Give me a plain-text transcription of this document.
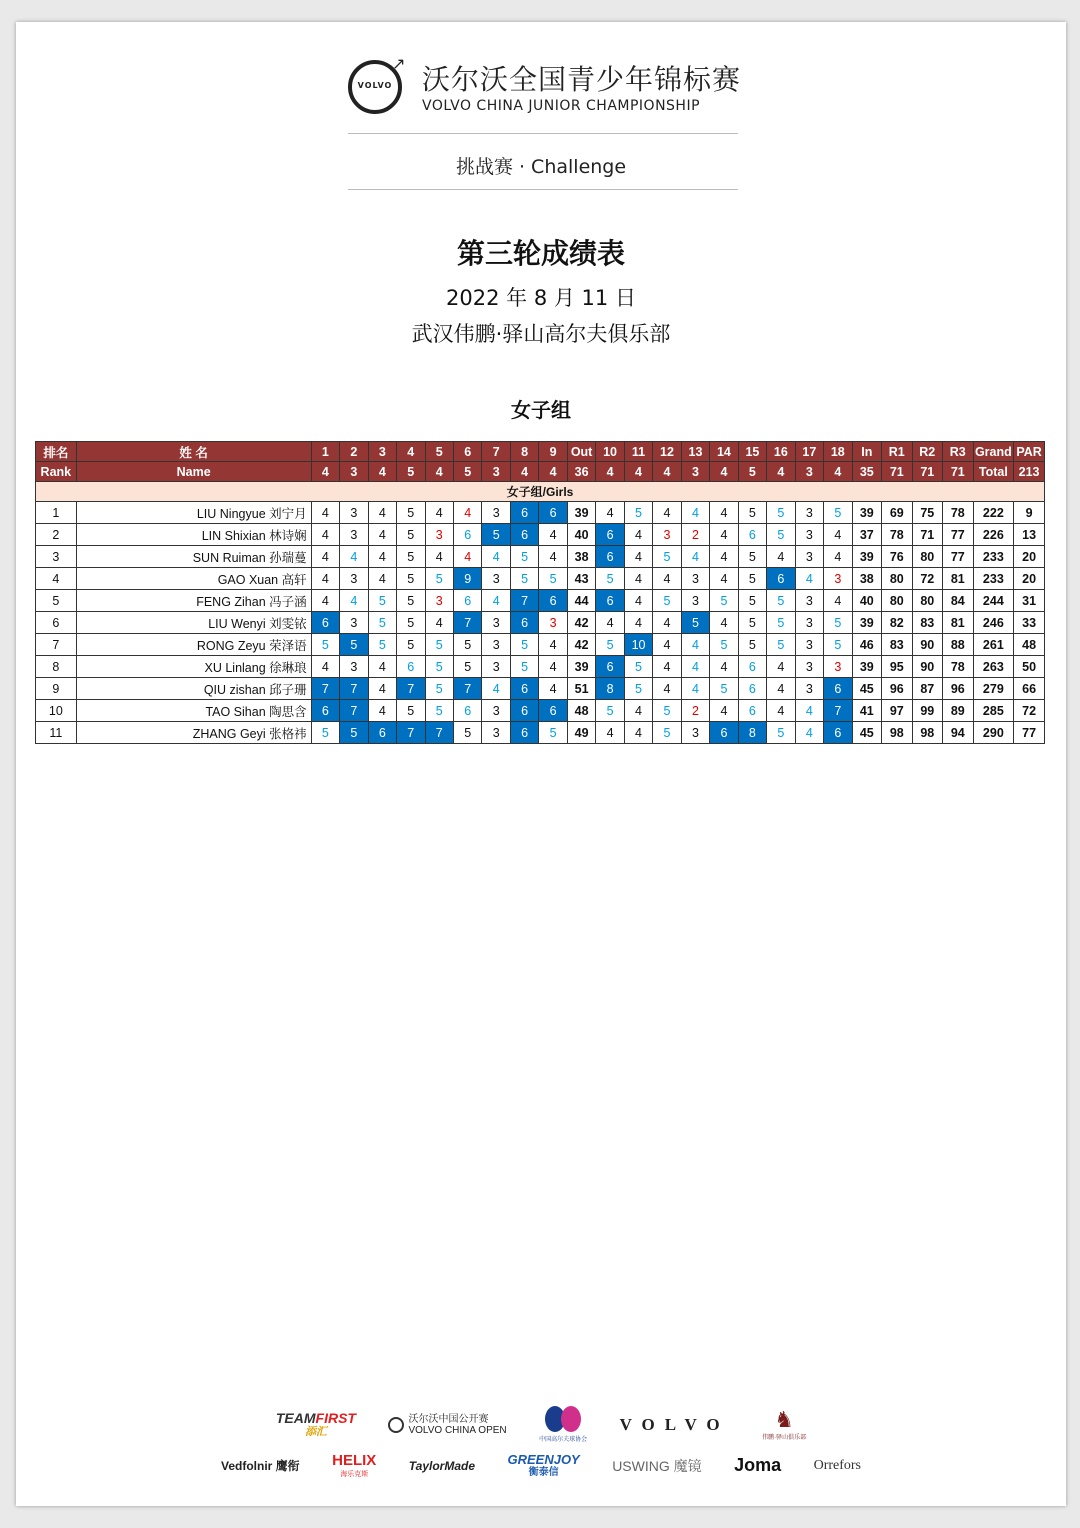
VOLVO
↗ 沃尔沃全国青少年锦标赛
VOLVO CHINA JUNIOR CHAMPIONSHIP
挑战赛 · Challenge
第三轮成绩表
2022 年 8 月 11 日
武汉伟鹏·驿山高尔夫俱乐部
女子组
排名	姓 名	1	2	3	4	5	6	7	8	9	Out	10	11	12	13	14	15	16	17	18	In	R1	R2	R3	Grand	PAR
Rank	Name	4	3	4	5	4	5	3	4	4	36	4	4	4	3	4	5	4	3	4	35	71	71	71	Total	213
女子组/Girls																										
1	LIU Ningyue 刘宁月	4	3	4	5	4	4	3	6	6	39	4	5	4	4	4	5	5	3	5	39	69	75	78	222	9
2	LIN Shixian 林诗娴	4	3	4	5	3	6	5	6	4	40	6	4	3	2	4	6	5	3	4	37	78	71	77	226	13
3	SUN Ruiman 孙瑞蔓	4	4	4	5	4	4	4	5	4	38	6	4	5	4	4	5	4	3	4	39	76	80	77	233	20
4	GAO Xuan 高轩	4	3	4	5	5	9	3	5	5	43	5	4	4	3	4	5	6	4	3	38	80	72	81	233	20
5	FENG Zihan 冯子涵	4	4	5	5	3	6	4	7	6	44	6	4	5	3	5	5	5	3	4	40	80	80	84	244	31
6	LIU Wenyi 刘雯铱	6	3	5	5	4	7	3	6	3	42	4	4	4	5	4	5	5	3	5	39	82	83	81	246	33
7	RONG Zeyu 荣泽语	5	5	5	5	5	5	3	5	4	42	5	10	4	4	5	5	5	3	5	46	83	90	88	261	48
8	XU Linlang 徐琳琅	4	3	4	6	5	5	3	5	4	39	6	5	4	4	4	6	4	3	3	39	95	90	78	263	50
9	QIU zishan 邱子珊	7	7	4	7	5	7	4	6	4	51	8	5	4	4	5	6	4	3	6	45	96	87	96	279	66
10	TAO Sihan 陶思含	6	7	4	5	5	6	3	6	6	48	5	4	5	2	4	6	4	4	7	41	97	99	89	285	72
11	ZHANG Geyi 张格祎	5	5	6	7	7	5	3	6	5	49	4	4	5	3	6	8	5	4	6	45	98	98	94	290	77
TEAMFIRST
添汇
沃尔沃中国公开赛
VOLVO CHINA OPEN
中国高尔夫球协会 VOLVO	♞
伟鹏·驿山俱乐部
Vedfolnir 鹰衔 HELIX
海乐克斯
TaylorMade GREENJOY
衡泰信	USWING 魔镜 Joma Orrefors
